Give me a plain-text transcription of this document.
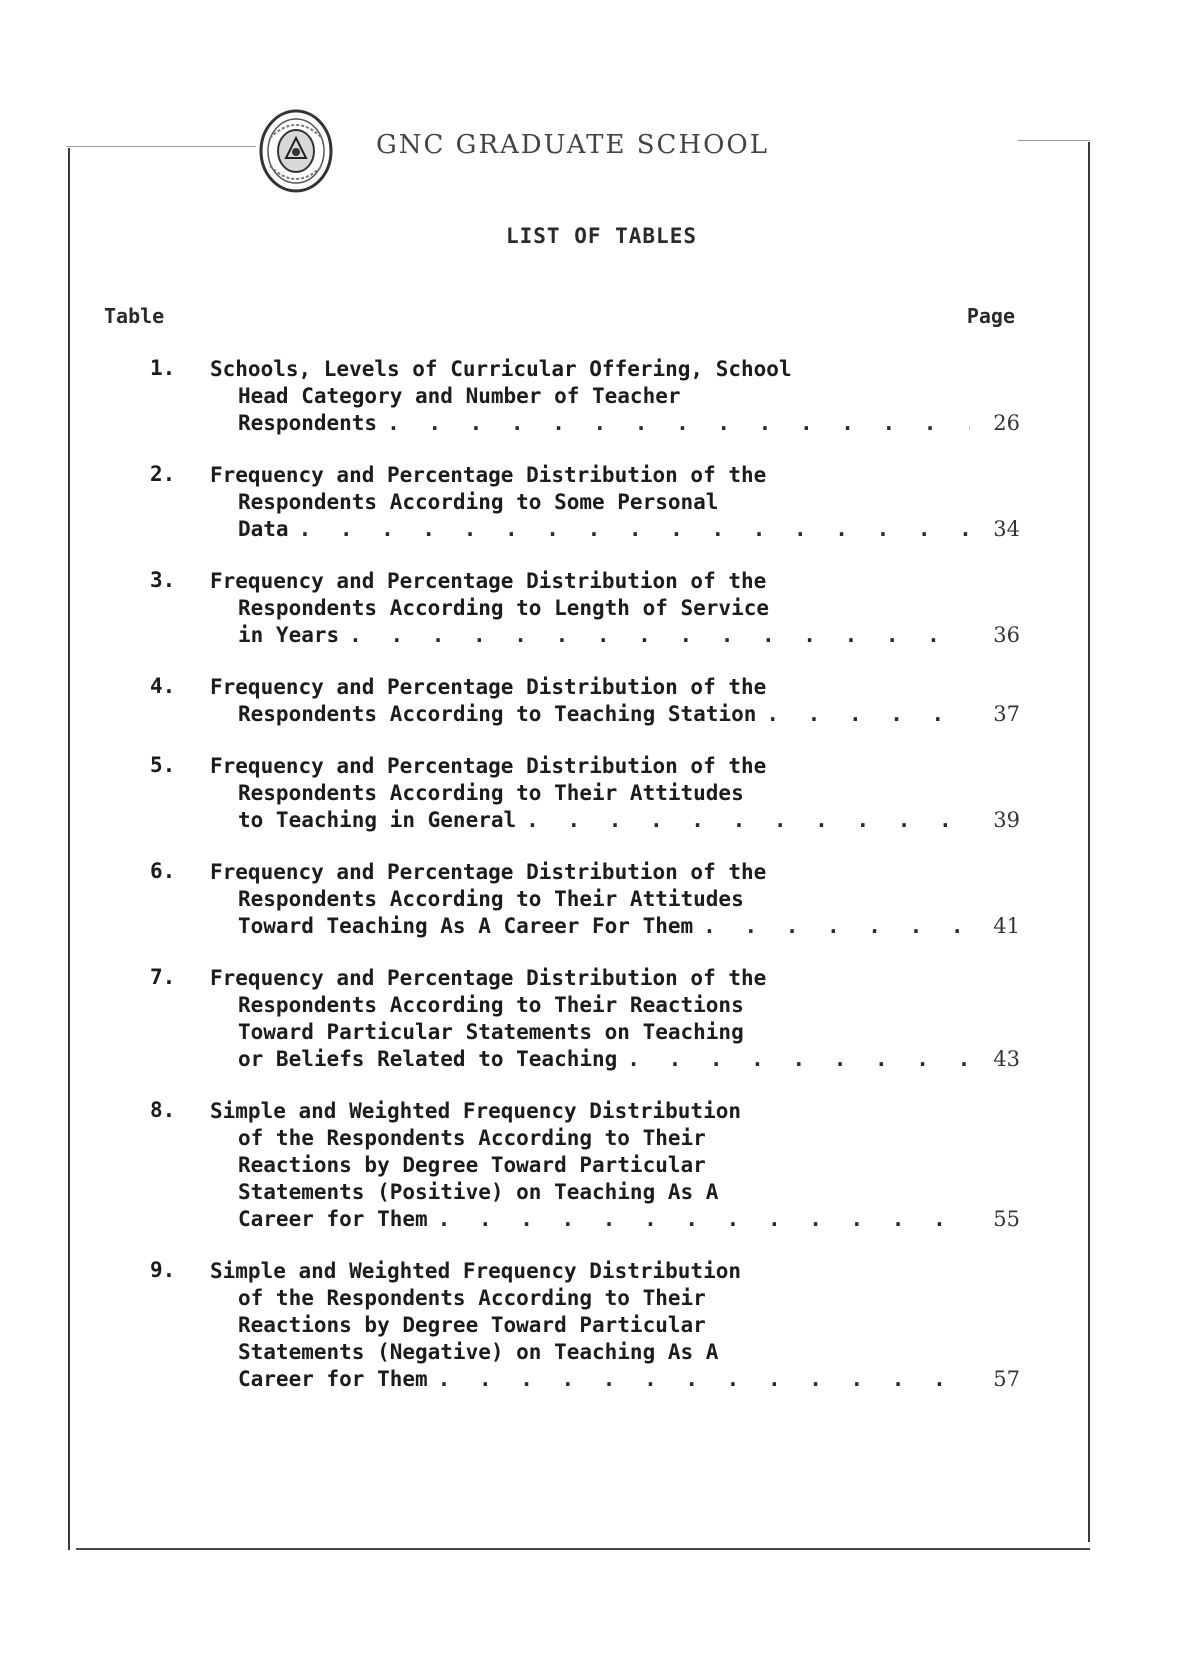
GNC GRADUATE SCHOOL
LIST OF TABLES
Table	Page
1.	Schools, Levels of Curricular Offering, School
Head Category and Number of Teacher
Respondents . . .	26
2.	Frequency and Percentage Distribution of the
Respondents According to Some Personal
Data . . .	34
3.	Frequency and Percentage Distribution of the
Respondents According to Length of Service
in Years . . .	36
4.	Frequency and Percentage Distribution of the
Respondents According to Teaching Station . . .	37
5.	Frequency and Percentage Distribution of the
Respondents According to Their Attitudes
to Teaching in General . . .	39
6.	Frequency and Percentage Distribution of the
Respondents According to Their Attitudes
Toward Teaching As A Career For Them . . .	41
7.	Frequency and Percentage Distribution of the
Respondents According to Their Reactions
Toward Particular Statements on Teaching
or Beliefs Related to Teaching . . .	43
8.	Simple and Weighted Frequency Distribution
of the Respondents According to Their
Reactions by Degree Toward Particular
Statements (Positive) on Teaching As A
Career for Them . . .	55
9.	Simple and Weighted Frequency Distribution
of the Respondents According to Their
Reactions by Degree Toward Particular
Statements (Negative) on Teaching As A
Career for Them . . .	57
